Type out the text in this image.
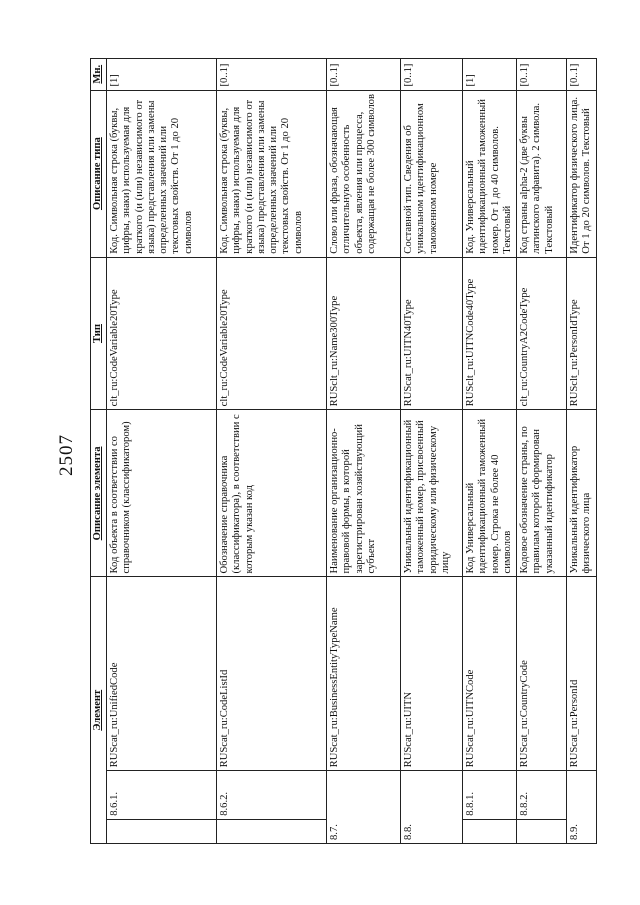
2507
Элемент			Описание элемента	Тип	Описание типа	Мн.
	8.6.1.	RUScat_ru:UnifiedCode	Код объекта в соответствии со справочником (классификатором)	clt_ru:CodeVariable20Type	Код. Символьная строка (буквы, цифры, знаки) используемая для краткого (и (или) независимого от языка) представления или замены определенных значений или текстовых свойств. От 1 до 20 символов	[1]
	8.6.2.	RUScat_ru:CodeListId	Обозначение справочника (классификатора), в соответствии с которым указан код	clt_ru:CodeVariable20Type	Код. Символьная строка (буквы, цифры, знаки) используемая для краткого (и (или) независимого от языка) представления или замены определенных значений или текстовых свойств. От 1 до 20 символов	[0..1]
8.7.		RUScat_ru:BusinessEntityTypeName	Наименование организационно-правовой формы, в которой зарегистрирован хозяйствующий субъект	RUSclt_ru:Name300Type	Слово или фраза, обозначающая отличительную особенность объекта, явления или процесса, содержащая не более 300 символов	[0..1]
8.8.		RUScat_ru:UITN	Уникальный идентификационный таможенный номер, присвоенный юридическому или физическому лицу	RUScat_ru:UITN40Type	Составной тип. Сведения об уникальном идентификационном таможенном номере	[0..1]
	8.8.1.	RUScat_ru:UITNCode	Код Универсальный идентификационный таможенный номер. Строка не более 40 символов	RUSclt_ru:UITNCode40Type	Код. Универсальный идентификационный таможенный номер. От 1 до 40 символов. Текстовый	[1]
	8.8.2.	RUScat_ru:CountryCode	Кодовое обозначение страны, по правилам которой сформирован указанный идентификатор	clt_ru:CountryA2CodeType	Код страны alpha-2 (две буквы латинского алфавита). 2 символа. Текстовый	[0..1]
8.9.		RUScat_ru:PersonId	Уникальный идентификатор физического лица	RUSclt_ru:PersonIdType	Идентификатор физического лица. От 1 до 20 символов. Текстовый	[0..1]
